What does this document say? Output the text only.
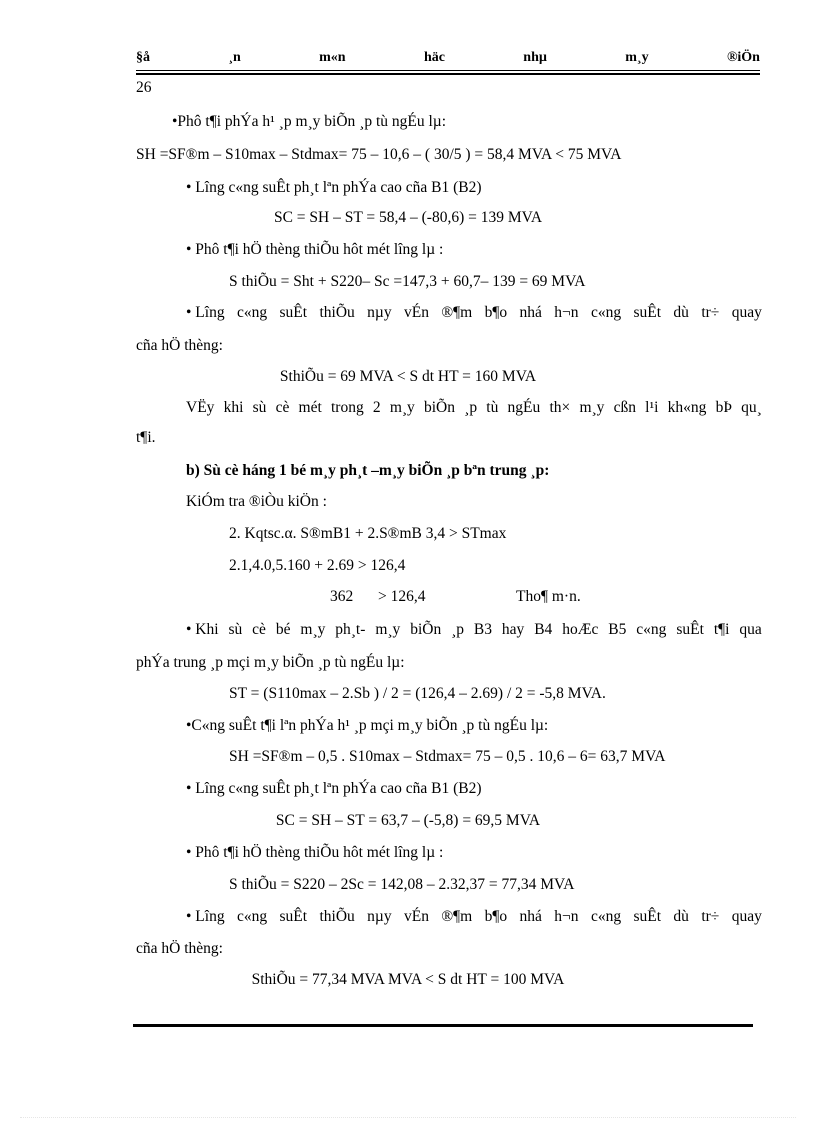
§å	¸n	m«n	häc	nhµ	m¸y	®iÖn
26
•Phô t¶i phÝa h¹ ¸p m¸y biÕn ¸p tù ngÉu lµ:
SH =SF®m – S10max – Stdmax= 75 – 10,6 – ( 30/5 ) = 58,4 MVA < 75 MVA
• Lîng c«ng suÊt ph¸t lªn phÝa cao cña B1 (B2)
SC = SH – ST = 58,4 – (-80,6) = 139 MVA
• Phô t¶i hÖ thèng thiÕu hôt mét lîng lµ :
S thiÕu = Sht + S220– Sc =147,3 + 60,7– 139 = 69 MVA
• Lîng c«ng suÊt thiÕu nµy vÉn ®¶m b¶o nhá h¬n c«ng suÊt dù tr÷ quay
cña hÖ thèng:
SthiÕu = 69 MVA < S dt HT = 160 MVA
VËy khi sù cè mét trong 2 m¸y biÕn ¸p tù ngÉu th× m¸y cßn l¹i kh«ng bÞ qu¸
t¶i.
b) Sù cè háng 1 bé m¸y ph¸t –m¸y biÕn ¸p bªn trung ¸p:
KiÓm tra ®iÒu kiÖn :
2. Kqtsc.α. S®mB1 + 2.S®mB 3,4 > STmax
2.1,4.0,5.160 + 2.69 > 126,4
362	> 126,4	Tho¶ m·n.
• Khi sù cè bé m¸y ph¸t- m¸y biÕn ¸p B3 hay B4 hoÆc B5 c«ng suÊt t¶i qua
phÝa trung ¸p mçi m¸y biÕn ¸p tù ngÉu lµ:
ST = (S110max – 2.Sb ) / 2 = (126,4 – 2.69) / 2 = -5,8 MVA.
•C«ng suÊt t¶i lªn phÝa h¹ ¸p mçi m¸y biÕn ¸p tù ngÉu lµ:
SH =SF®m – 0,5 . S10max – Stdmax= 75 – 0,5 . 10,6 – 6= 63,7 MVA
• Lîng c«ng suÊt ph¸t lªn phÝa cao cña B1 (B2)
SC = SH – ST = 63,7 – (-5,8) = 69,5 MVA
• Phô t¶i hÖ thèng thiÕu hôt mét lîng lµ :
S thiÕu = S220 – 2Sc = 142,08 – 2.32,37 = 77,34 MVA
• Lîng c«ng suÊt thiÕu nµy vÉn ®¶m b¶o nhá h¬n c«ng suÊt dù tr÷ quay
cña hÖ thèng:
SthiÕu = 77,34 MVA MVA < S dt HT = 100 MVA
